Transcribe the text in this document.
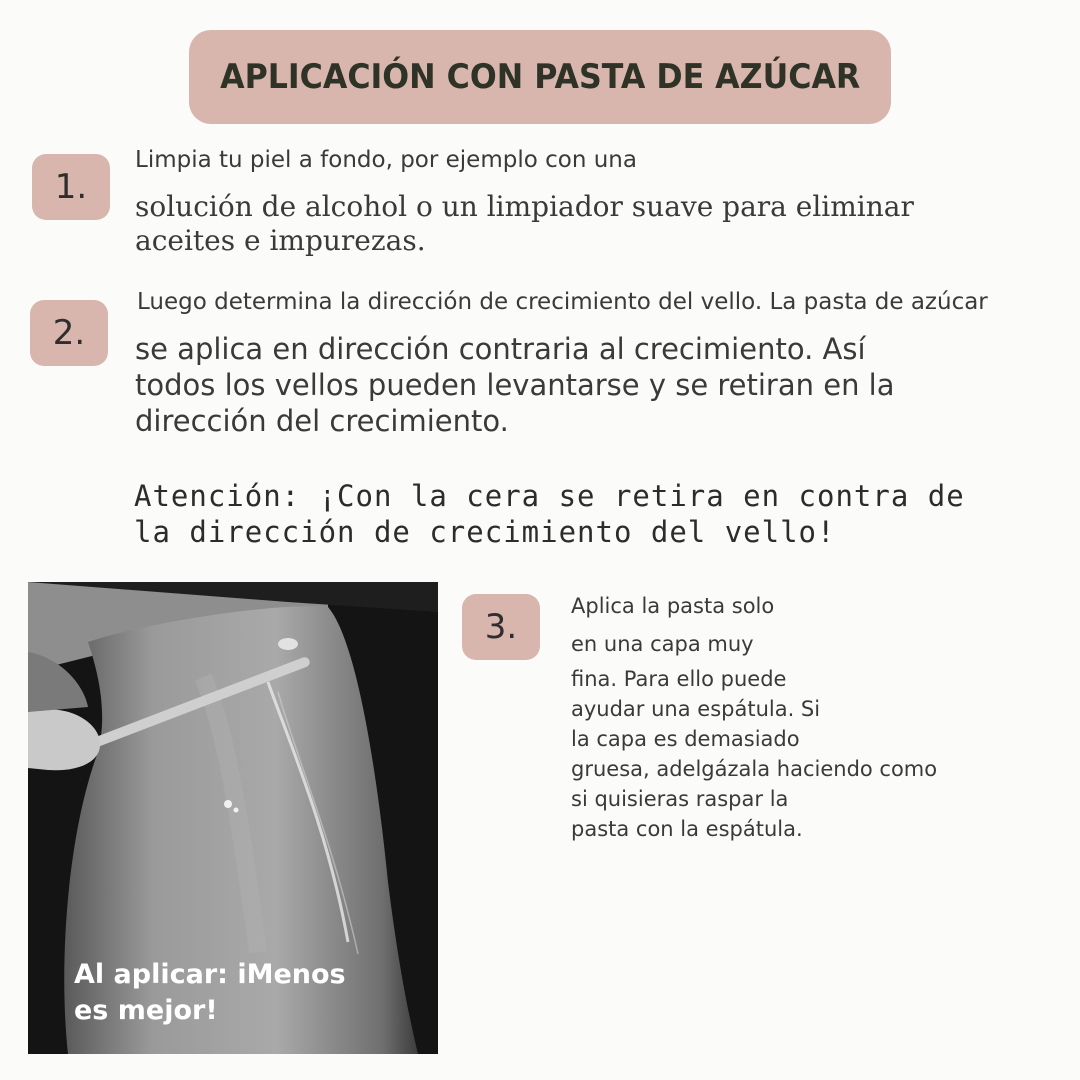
APLICACIÓN CON PASTA DE AZÚCAR
1.
Limpia tu piel a fondo, por ejemplo con una
solución de alcohol o un limpiador suave para eliminar
aceites e impurezas.
2.
Luego determina la dirección de crecimiento del vello. La pasta de azúcar
se aplica en dirección contraria al crecimiento. Así
todos los vellos pueden levantarse y se retiran en la
dirección del crecimiento.
Atención: ¡Con la cera se retira en contra de
la dirección de crecimiento del vello!
Al aplicar: iMenos
es mejor!
3.
Aplica la pasta solo
en una capa muy
fina. Para ello puede
ayudar una espátula. Si
la capa es demasiado
gruesa, adelgázala haciendo como
si quisieras raspar la
pasta con la espátula.
